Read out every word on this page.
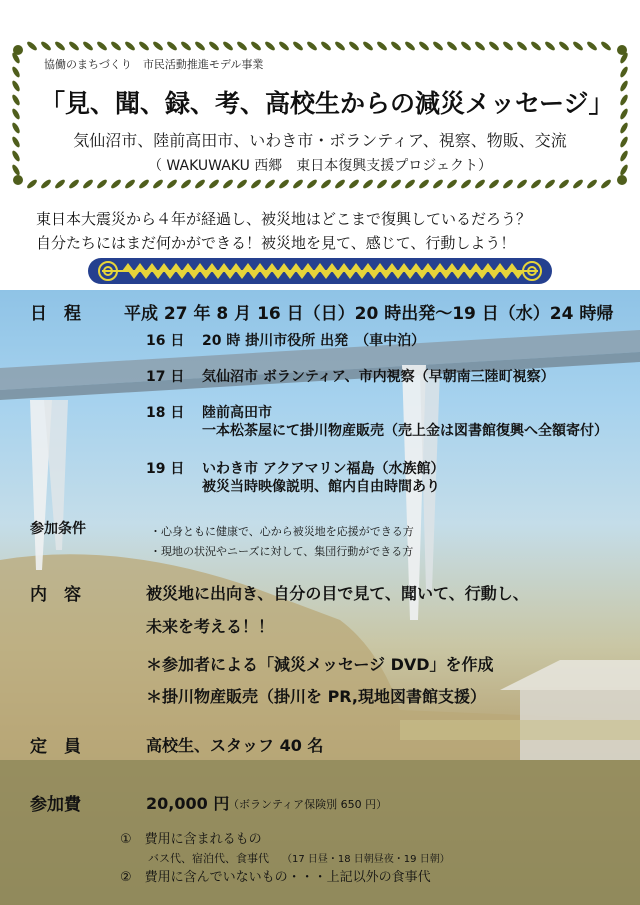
協働のまちづくり　市民活動推進モデル事業
「見、聞、録、考、高校生からの減災メッセージ」
気仙沼市、陸前高田市、いわき市・ボランティア、視察、物販、交流
（ WAKUWAKU 西郷　東日本復興支援プロジェクト）
東日本大震災から４年が経過し、被災地はどこまで復興しているだろう？
自分たちにはまだ何かができる！被災地を見て、感じて、行動しよう！
日　程	平成 27 年 8 月 16 日（日）20 時出発～19 日（水）24 時帰
16 日 20 時 掛川市役所 出発　（車中泊）
17 日 気仙沼市 ボランティア、市内視察（早朝南三陸町視察）
18 日 陸前高田市
一本松茶屋にて掛川物産販売（売上金は図書館復興へ全額寄付）
19 日 いわき市 アクアマリン福島（水族館）
被災当時映像説明、館内自由時間あり
参加条件	・心身ともに健康で、心から被災地を応援ができる方
・現地の状況やニーズに対して、集団行動ができる方
内　容	被災地に出向き、自分の目で見て、聞いて、行動し、
未来を考える！！
＊参加者による「減災メッセージ DVD」を作成
＊掛川物産販売（掛川を PR,現地図書館支援）
定　員	高校生、スタッフ 40 名
参加費	20,000 円
（ボランティア保険別 650 円）
①　費用に含まれるもの
バス代、宿泊代、食事代 （17 日昼・18 日朝昼夜・19 日朝）
②　費用に含んでいないもの・・・上記以外の食事代
